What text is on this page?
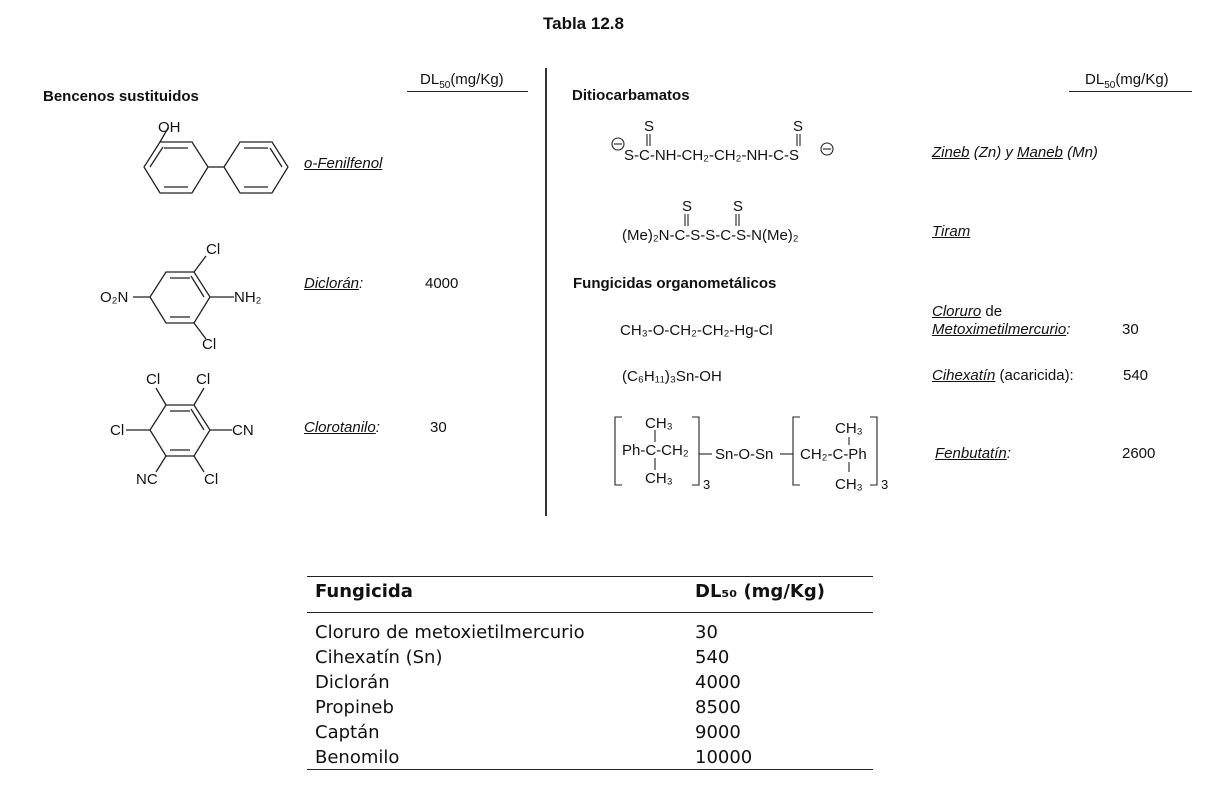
Tabla 12.8
Bencenos sustituidos
$DL_{50}(mg/Kg)$
OH
o-Fenilfenol
Cl
Cl
O₂N	NH₂
Diclorán:	4000
Cl Cl
Cl	CN
NC	Cl
Clorotanilo:	30
Ditiocarbamatos
$DL_{50}(mg/Kg)$
S	S
S-C-NH-CH₂-CH₂-NH-C-S	Zineb (Zn) y Maneb (Mn)
S	S
(Me)₂N-C-S-S-C-S-N(Me)₂	Tiram
Fungicidas organometálicos
CH₃-O-CH₂-CH₂-Hg-Cl
Cloruro de
Metoximetilmercurio:	30
(C₆H₁₁)₃Sn-OH	Cihexatín (acaricida):	540
CH₃
Ph-C-CH₂
CH₃ 3
Sn-O-Sn
CH₃
CH₂-C-Ph
CH₃ 3
Fenbutatín:	2600
Fungicida	DL₅₀ (mg/Kg)
Cloruro de metoxietilmercurio	30
Cihexatín (Sn)	540
Diclorán	4000
Propineb	8500
Captán	9000
Benomilo	10000
